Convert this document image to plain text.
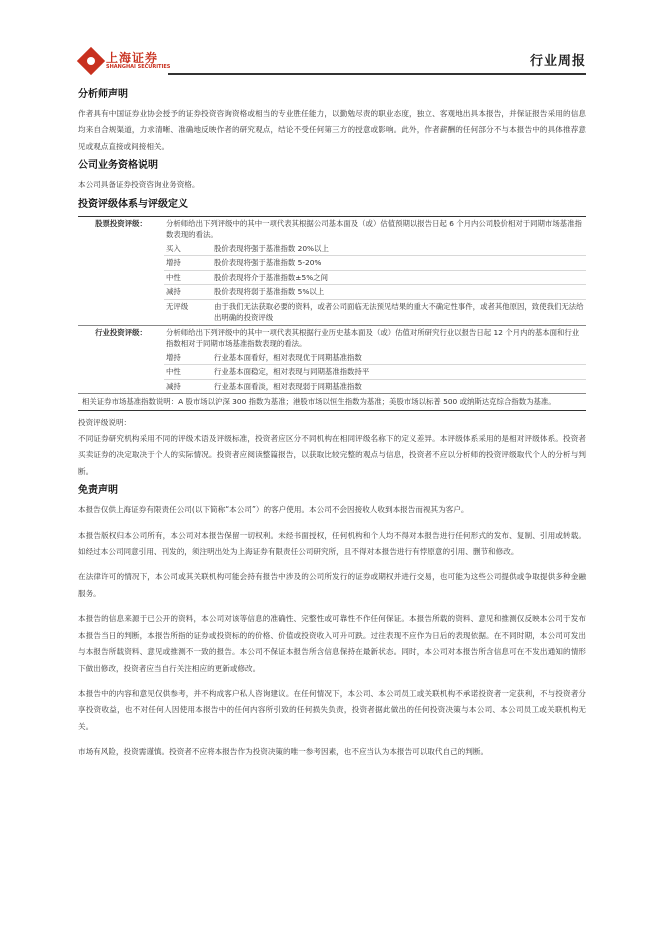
上海证券
SHANGHAI SECURITIES	行业周报
分析师声明

作者具有中国证券业协会授予的证券投资咨询资格或相当的专业胜任能力，以勤勉尽责的职业态度，独立、客观地出具本报告，并保证报告采用的信息均来自合规渠道，力求清晰、准确地反映作者的研究观点，结论不受任何第三方的授意或影响。此外，作者薪酬的任何部分不与本报告中的具体推荐意见或观点直接或间接相关。

公司业务资格说明

本公司具备证券投资咨询业务资格。

投资评级体系与评级定义
股票投资评级：	分析师给出下列评级中的其中一项代表其根据公司基本面及（或）估值预期以报告日起 6 个月内公司股价相对于同期市场基准指数表现的看法。	
	买入	股价表现将强于基准指数 20%以上
	增持	股价表现将强于基准指数 5-20%
	中性	股价表现将介于基准指数±5%之间
	减持	股价表现将弱于基准指数 5%以上
	无评级	由于我们无法获取必要的资料，或者公司面临无法预见结果的重大不确定性事件，或者其他原因，致使我们无法给出明确的投资评级
行业投资评级：	分析师给出下列评级中的其中一项代表其根据行业历史基本面及（或）估值对所研究行业以报告日起 12 个月内的基本面和行业指数相对于同期市场基准指数表现的看法。	
	增持	行业基本面看好，相对表现优于同期基准指数
	中性	行业基本面稳定，相对表现与同期基准指数持平
	减持	行业基本面看淡，相对表现弱于同期基准指数
相关证券市场基准指数说明：A 股市场以沪深 300 指数为基准；港股市场以恒生指数为基准；美股市场以标普 500 或纳斯达克综合指数为基准。		

投资评级说明：

不同证券研究机构采用不同的评级术语及评级标准，投资者应区分不同机构在相同评级名称下的定义差异。本评级体系采用的是相对评级体系。投资者买卖证券的决定取决于个人的实际情况。投资者应阅读整篇报告，以获取比较完整的观点与信息，投资者不应以分析师的投资评级取代个人的分析与判断。

免责声明

本报告仅供上海证券有限责任公司(以下简称“本公司”）的客户使用。本公司不会因接收人收到本报告而视其为客户。

本报告版权归本公司所有，本公司对本报告保留一切权利。未经书面授权，任何机构和个人均不得对本报告进行任何形式的发布、复制、引用或转载。如经过本公司同意引用、刊发的，须注明出处为上海证券有限责任公司研究所，且不得对本报告进行有悖原意的引用、删节和修改。

在法律许可的情况下，本公司或其关联机构可能会持有报告中涉及的公司所发行的证券或期权并进行交易，也可能为这些公司提供或争取提供多种金融服务。

本报告的信息来源于已公开的资料，本公司对该等信息的准确性、完整性或可靠性不作任何保证。本报告所载的资料、意见和推测仅反映本公司于发布本报告当日的判断，本报告所指的证券或投资标的的价格、价值或投资收入可升可跌。过往表现不应作为日后的表现依据。在不同时期，本公司可发出与本报告所载资料、意见或推测不一致的报告。本公司不保证本报告所含信息保持在最新状态。同时，本公司对本报告所含信息可在不发出通知的情形下做出修改，投资者应当自行关注相应的更新或修改。

本报告中的内容和意见仅供参考，并不构成客户私人咨询建议。在任何情况下，本公司、本公司员工或关联机构不承诺投资者一定获利，不与投资者分享投资收益，也不对任何人因使用本报告中的任何内容所引致的任何损失负责，投资者据此做出的任何投资决策与本公司、本公司员工或关联机构无关。

市场有风险，投资需谨慎。投资者不应将本报告作为投资决策的唯一参考因素，也不应当认为本报告可以取代自己的判断。
